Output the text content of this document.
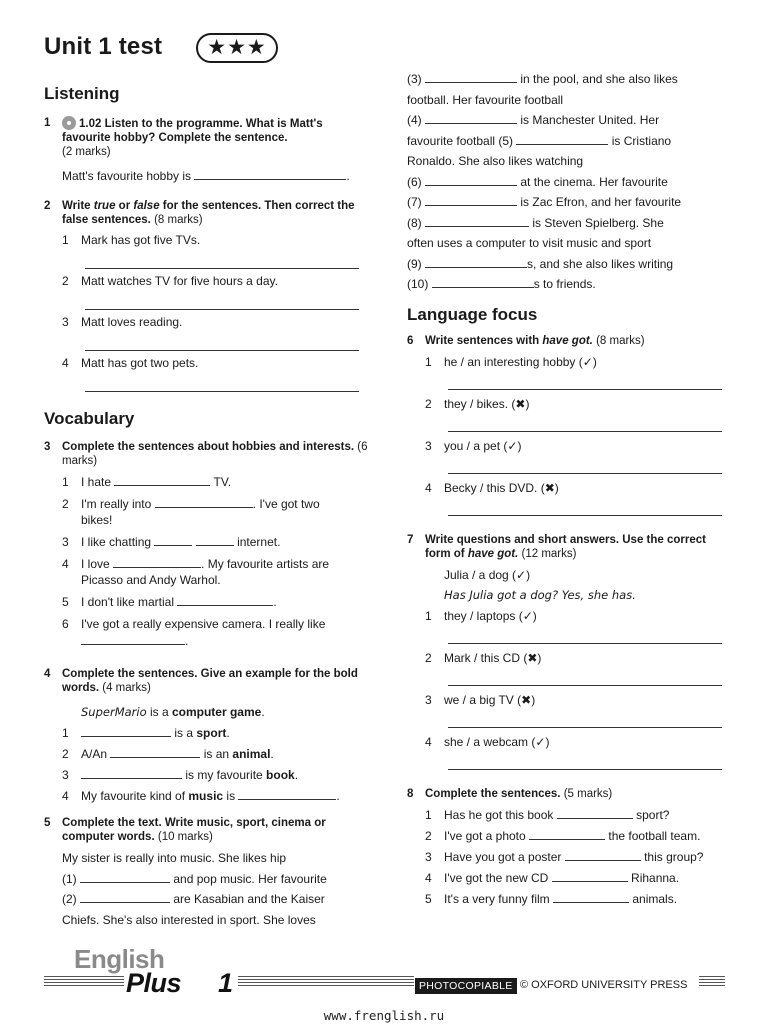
Unit 1 test	★★★
Listening
1 1.02 Listen to the programme. What is Matt's favourite hobby? Complete the sentence.
(2 marks)
Matt's favourite hobby is	.
2 Write true or false for the sentences. Then correct the false sentences. (8 marks)
1 Mark has got five TVs.
2 Matt watches TV for five hours a day.
3 Matt loves reading.
4 Matt has got two pets.
Vocabulary
3 Complete the sentences about hobbies and interests. (6 marks)
1 I hate	TV.
2 I'm really into	. I've got two
bikes!
3 I like chatting	internet.
4 I love	. My favourite artists are
Picasso and Andy Warhol.
5 I don't like martial	.
6 I've got a really expensive camera. I really like
.
4 Complete the sentences. Give an example for the bold words. (4 marks)
SuperMario is a computer game.
1	is a sport.
2 A/An	is an animal.
3	is my favourite book.
4 My favourite kind of music is	.
5 Complete the text. Write music, sport, cinema or computer words. (10 marks)
My sister is really into music. She likes hip
(1)	and pop music. Her favourite
(2)	are Kasabian and the Kaiser
Chiefs. She's also interested in sport. She loves
(3)	in the pool, and she also likes
football. Her favourite football
(4)	is Manchester United. Her
favourite football (5)	is Cristiano
Ronaldo. She also likes watching
(6)	at the cinema. Her favourite
(7)	is Zac Efron, and her favourite
(8)	is Steven Spielberg. She
often uses a computer to visit music and sport
(9)	s, and she also likes writing
(10)	s to friends.
Language focus
6 Write sentences with have got. (8 marks)
1 he / an interesting hobby (✓)
2 they / bikes. (✖)
3 you / a pet (✓)
4 Becky / this DVD. (✖)
7 Write questions and short answers. Use the correct form of have got. (12 marks)
Julia / a dog (✓)
Has Julia got a dog? Yes, she has.
1 they / laptops (✓)
2 Mark / this CD (✖)
3 we / a big TV (✖)
4 she / a webcam (✓)
8 Complete the sentences. (5 marks)
1 Has he got this book	sport?
2 I've got a photo	the football team.
3 Have you got a poster	this group?
4 I've got the new CD	Rihanna.
5 It's a very funny film	animals.
English
Plus 1	PHOTOCOPIABLE © OXFORD UNIVERSITY PRESS
www.frenglish.ru
